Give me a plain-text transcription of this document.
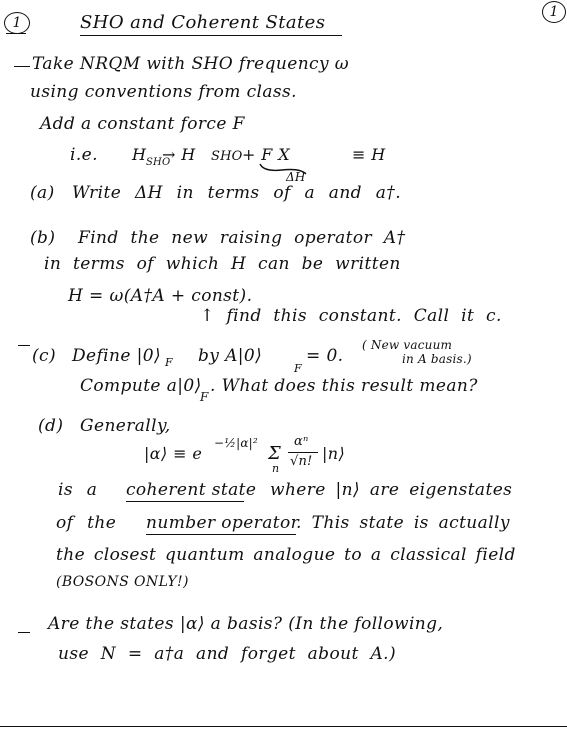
1	SHO and Coherent States	1
Take NRQM with SHO frequency ω
using conventions from class.
Add a constant force F
i.e. H SHO
→ H SHO + F X
ΔH
≡ H
(a) Write ΔH in terms of a and a†.
(b) Find the new raising operator A†
in terms of which H can be written
H = ω(A†A + const).
↑ find this constant. Call it c.
(c) Define |0⟩ F by A|0⟩
F
= 0.
( New vacuum
in A basis.)
Compute a|0⟩
F
. What does this result mean?
(d) Generally,
|α⟩ ≡ e
−½|α|² Σ
n
αⁿ
√n! |n⟩
is a coherent state where |n⟩ are eigenstates
of the number operator
. This state is actually
the closest quantum analogue to a classical field
(BOSONS ONLY!)
Are the states |α⟩ a basis? (In the following,
use N = a†a and forget about A.)
